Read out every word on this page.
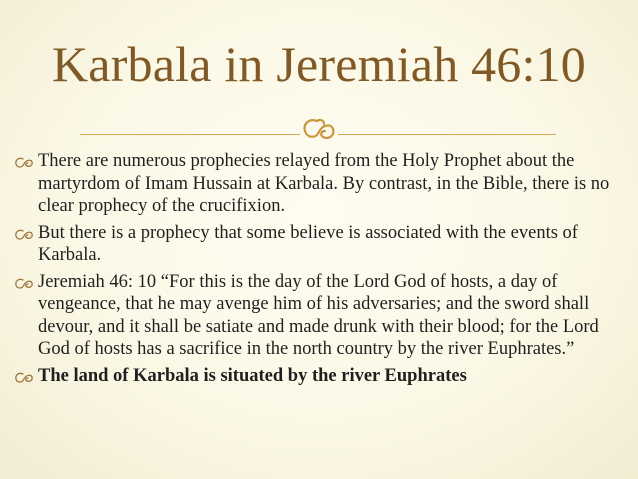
Karbala in Jeremiah 46:10
There are numerous prophecies relayed from the Holy Prophet about the martyrdom of Imam Hussain at Karbala. By contrast, in the Bible, there is no clear prophecy of the crucifixion.
But there is a prophecy that some believe is associated with the events of Karbala.
Jeremiah 46: 10 “For this is the day of the Lord God of hosts, a day of vengeance, that he may avenge him of his adversaries; and the sword shall devour, and it shall be satiate and made drunk with their blood; for the Lord God of hosts has a sacrifice in the north country by the river Euphrates.”
The land of Karbala is situated by the river Euphrates
